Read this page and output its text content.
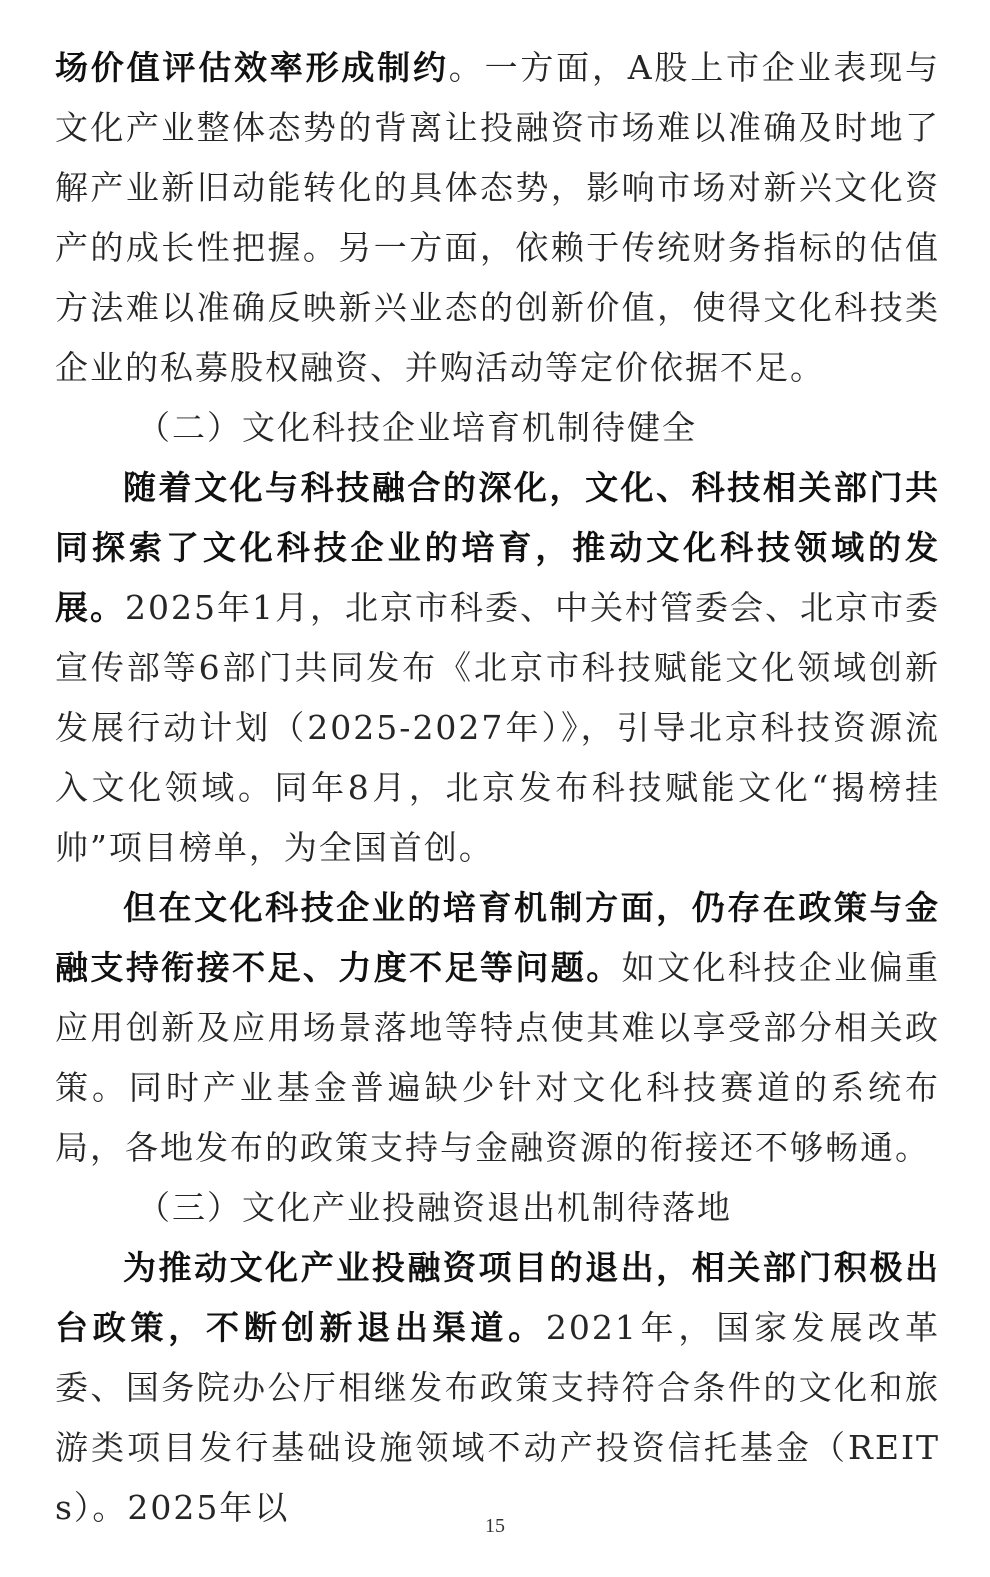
场价值评估效率形成制约。一方面，A股上市企业表现与文化产业整体态势的背离让投融资市场难以准确及时地了解产业新旧动能转化的具体态势，影响市场对新兴文化资产的成长性把握。另一方面，依赖于传统财务指标的估值方法难以准确反映新兴业态的创新价值，使得文化科技类企业的私募股权融资、并购活动等定价依据不足。

（二）文化科技企业培育机制待健全

随着文化与科技融合的深化，文化、科技相关部门共同探索了文化科技企业的培育，推动文化科技领域的发展。2025年1月，北京市科委、中关村管委会、北京市委宣传部等6部门共同发布《北京市科技赋能文化领域创新发展行动计划（2025-2027年）》，引导北京科技资源流入文化领域。同年8月，北京发布科技赋能文化“揭榜挂帅”项目榜单，为全国首创。

但在文化科技企业的培育机制方面，仍存在政策与金融支持衔接不足、力度不足等问题。如文化科技企业偏重应用创新及应用场景落地等特点使其难以享受部分相关政策。同时产业基金普遍缺少针对文化科技赛道的系统布局，各地发布的政策支持与金融资源的衔接还不够畅通。

（三）文化产业投融资退出机制待落地

为推动文化产业投融资项目的退出，相关部门积极出台政策，不断创新退出渠道。2021年，国家发展改革委、国务院办公厅相继发布政策支持符合条件的文化和旅游类项目发行基础设施领域不动产投资信托基金（REITs）。2025年以	15
